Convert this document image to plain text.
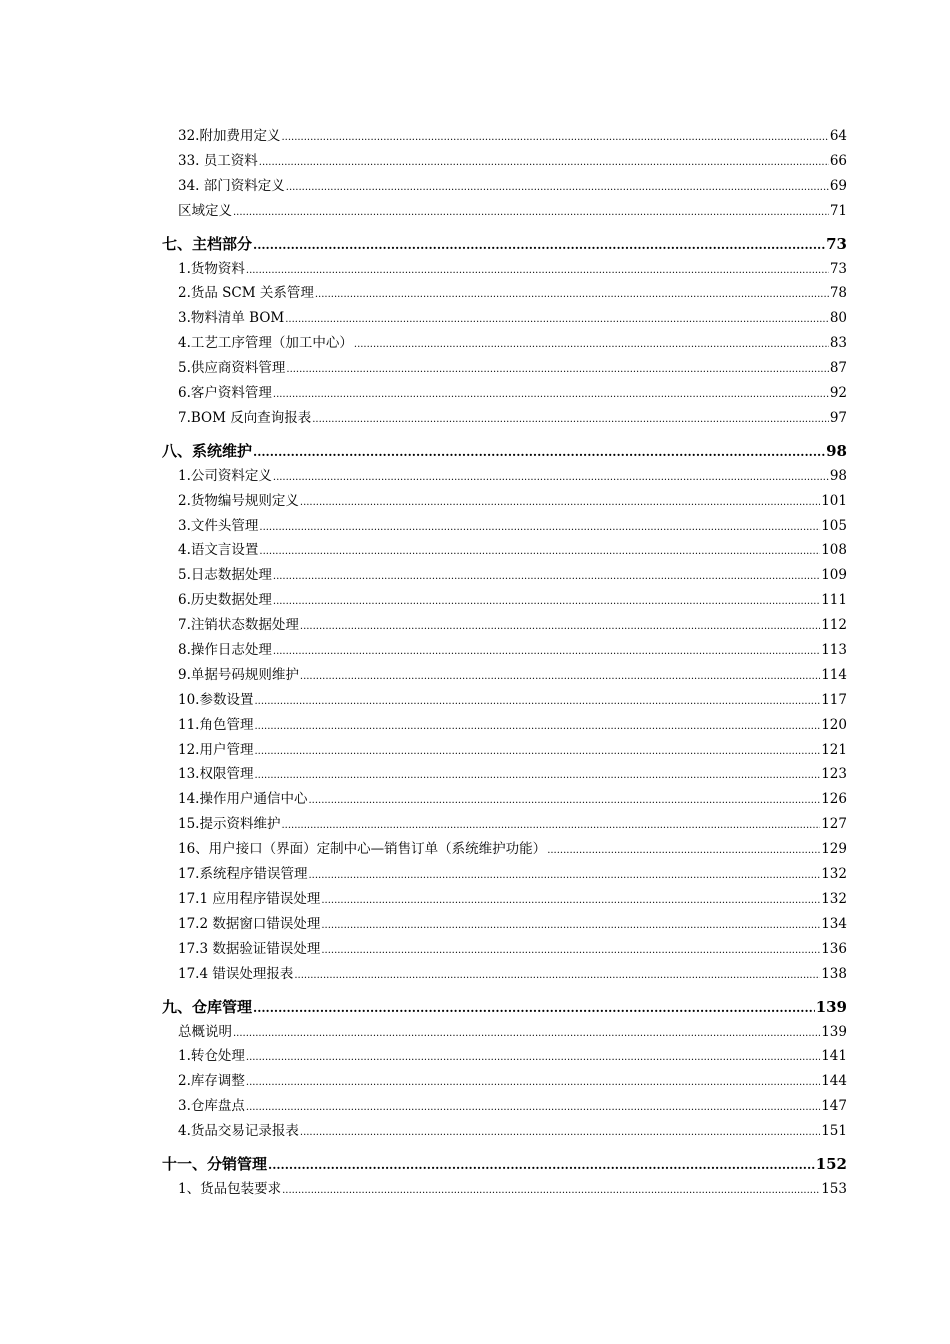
32.附加费用定义 .....	64
33. 员工资料 .....	66
34. 部门资料定义 .....	69
区域定义 .....	71
七、主档部分 .....	73
1.货物资料 .....	73
2.货品 SCM 关系管理 .....	78
3.物料清单 BOM .....	80
4.工艺工序管理（加工中心） .....	83
5.供应商资料管理 .....	87
6.客户资料管理 .....	92
7.BOM 反向查询报表 .....	97
八、系统维护 .....	98
1.公司资料定义 .....	98
2.货物编号规则定义 .....	101
3.文件头管理 .....	105
4.语文言设置 .....	108
5.日志数据处理 .....	109
6.历史数据处理 .....	111
7.注销状态数据处理 .....	112
8.操作日志处理 .....	113
9.单据号码规则维护 .....	114
10.参数设置 .....	117
11.角色管理 .....	120
12.用户管理 .....	121
13.权限管理 .....	123
14.操作用户通信中心 .....	126
15.提示资料维护 .....	127
16、用户接口（界面）定制中心—销售订单（系统维护功能） .....	129
17.系统程序错误管理 .....	132
17.1 应用程序错误处理 .....	132
17.2 数据窗口错误处理 .....	134
17.3 数据验证错误处理 .....	136
17.4 错误处理报表 .....	138
九、仓库管理 .....	139
总概说明 .....	139
1.转仓处理 .....	141
2.库存调整 .....	144
3.仓库盘点 .....	147
4.货品交易记录报表 .....	151
十一、分销管理 .....	152
1、货品包装要求 .....	153
